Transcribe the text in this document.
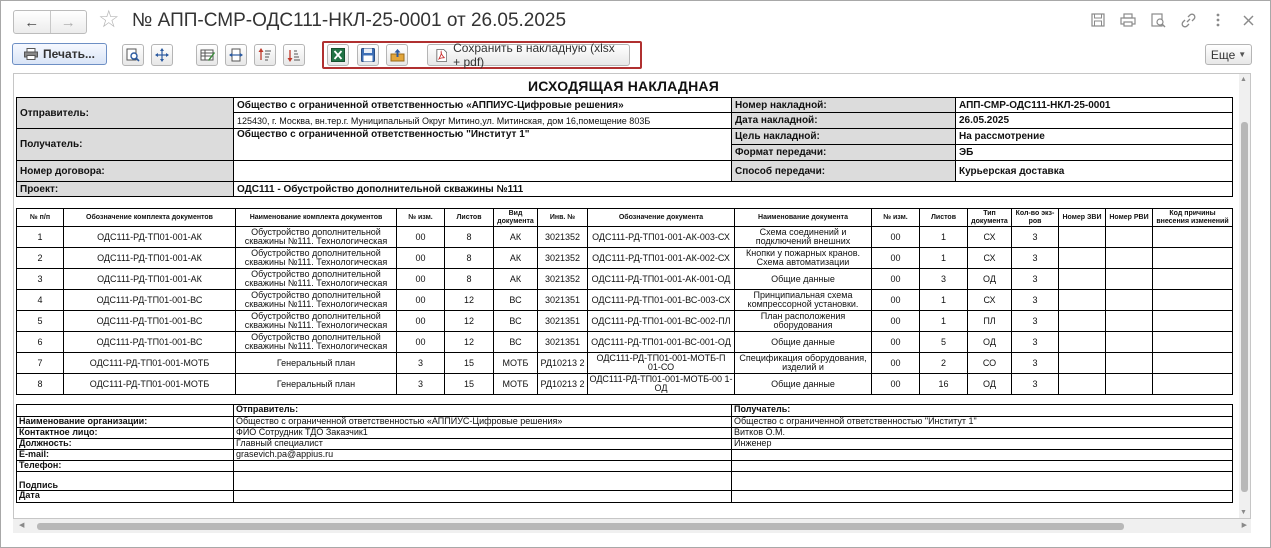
←	→ ☆ № АПП-СМР-ОДС111-НКЛ-25-0001 от 26.05.2025
Печать...	Сохранить в накладную (xlsx + pdf)
Еще ▼
ИСХОДЯЩАЯ НАКЛАДНАЯ
Отправитель:	Общество с ограниченной ответственностью «АППИУС-Цифровые решения»	Номер накладной:	АПП-СМР-ОДС111-НКЛ-25-0001
	125430, г. Москва, вн.тер.г. Муниципальный Округ Митино,ул. Митинская, дом 16,помещение 803Б	Дата накладной:	26.05.2025
Получатель:	Общество с ограниченной ответственностью "Институт 1"	Цель накладной:	На рассмотрение
		Формат передачи:	ЭБ
Номер договора:		Способ передачи:	Курьерская доставка
Проект:	ОДС111 - Обустройство дополнительной скважины №111		
№ п/п	Обозначение комплекта документов	Наименование комплекта документов	№ изм.	Листов	Вид документа	Инв. №	Обозначение документа	Наименование документа	№ изм.	Листов	Тип документа	Кол-во экз-ров	Номер ЗВИ	Номер РВИ	Код причины внесения изменений
1	ОДС111-РД-ТП01-001-АК	Обустройство дополнительной скважины №111. Технологическая	00	8	АК	3021352	ОДС111-РД-ТП01-001-АК-003-СХ	Схема соединений и подключений внешних	00	1	СХ	3			
2	ОДС111-РД-ТП01-001-АК	Обустройство дополнительной скважины №111. Технологическая	00	8	АК	3021352	ОДС111-РД-ТП01-001-АК-002-СХ	Кнопки у пожарных кранов. Схема автоматизации	00	1	СХ	3			
3	ОДС111-РД-ТП01-001-АК	Обустройство дополнительной скважины №111. Технологическая	00	8	АК	3021352	ОДС111-РД-ТП01-001-АК-001-ОД	Общие данные	00	3	ОД	3			
4	ОДС111-РД-ТП01-001-ВС	Обустройство дополнительной скважины №111. Технологическая	00	12	ВС	3021351	ОДС111-РД-ТП01-001-ВС-003-СХ	Принципиальная схема компрессорной установки.	00	1	СХ	3			
5	ОДС111-РД-ТП01-001-ВС	Обустройство дополнительной скважины №111. Технологическая	00	12	ВС	3021351	ОДС111-РД-ТП01-001-ВС-002-ПЛ	План расположения оборудования	00	1	ПЛ	3			
6	ОДС111-РД-ТП01-001-ВС	Обустройство дополнительной скважины №111. Технологическая	00	12	ВС	3021351	ОДС111-РД-ТП01-001-ВС-001-ОД	Общие данные	00	5	ОД	3			
7	ОДС111-РД-ТП01-001-МОТБ	Генеральный план	3	15	МОТБ	РД10213 2	ОДС111-РД-ТП01-001-МОТБ-П 01-СО	Спецификация оборудования, изделий и	00	2	СО	3			
8	ОДС111-РД-ТП01-001-МОТБ	Генеральный план	3	15	МОТБ	РД10213 2	ОДС111-РД-ТП01-001-МОТБ-00 1-ОД	Общие данные	00	16	ОД	3			
	Отправитель:	Получатель:
Наименование организации:	Общество с ограниченной ответственностью «АППИУС-Цифровые решения»	Общество с ограниченной ответственностью "Институт 1"
Контактное лицо:	ФИО Сотрудник ТДО Заказчик1	Витков О.М.
Должность:	Главный специалист	Инженер
E-mail:	grasevich.pa@appius.ru	
Телефон:		
Подпись		
Дата		
▲
▼
◀	▶
